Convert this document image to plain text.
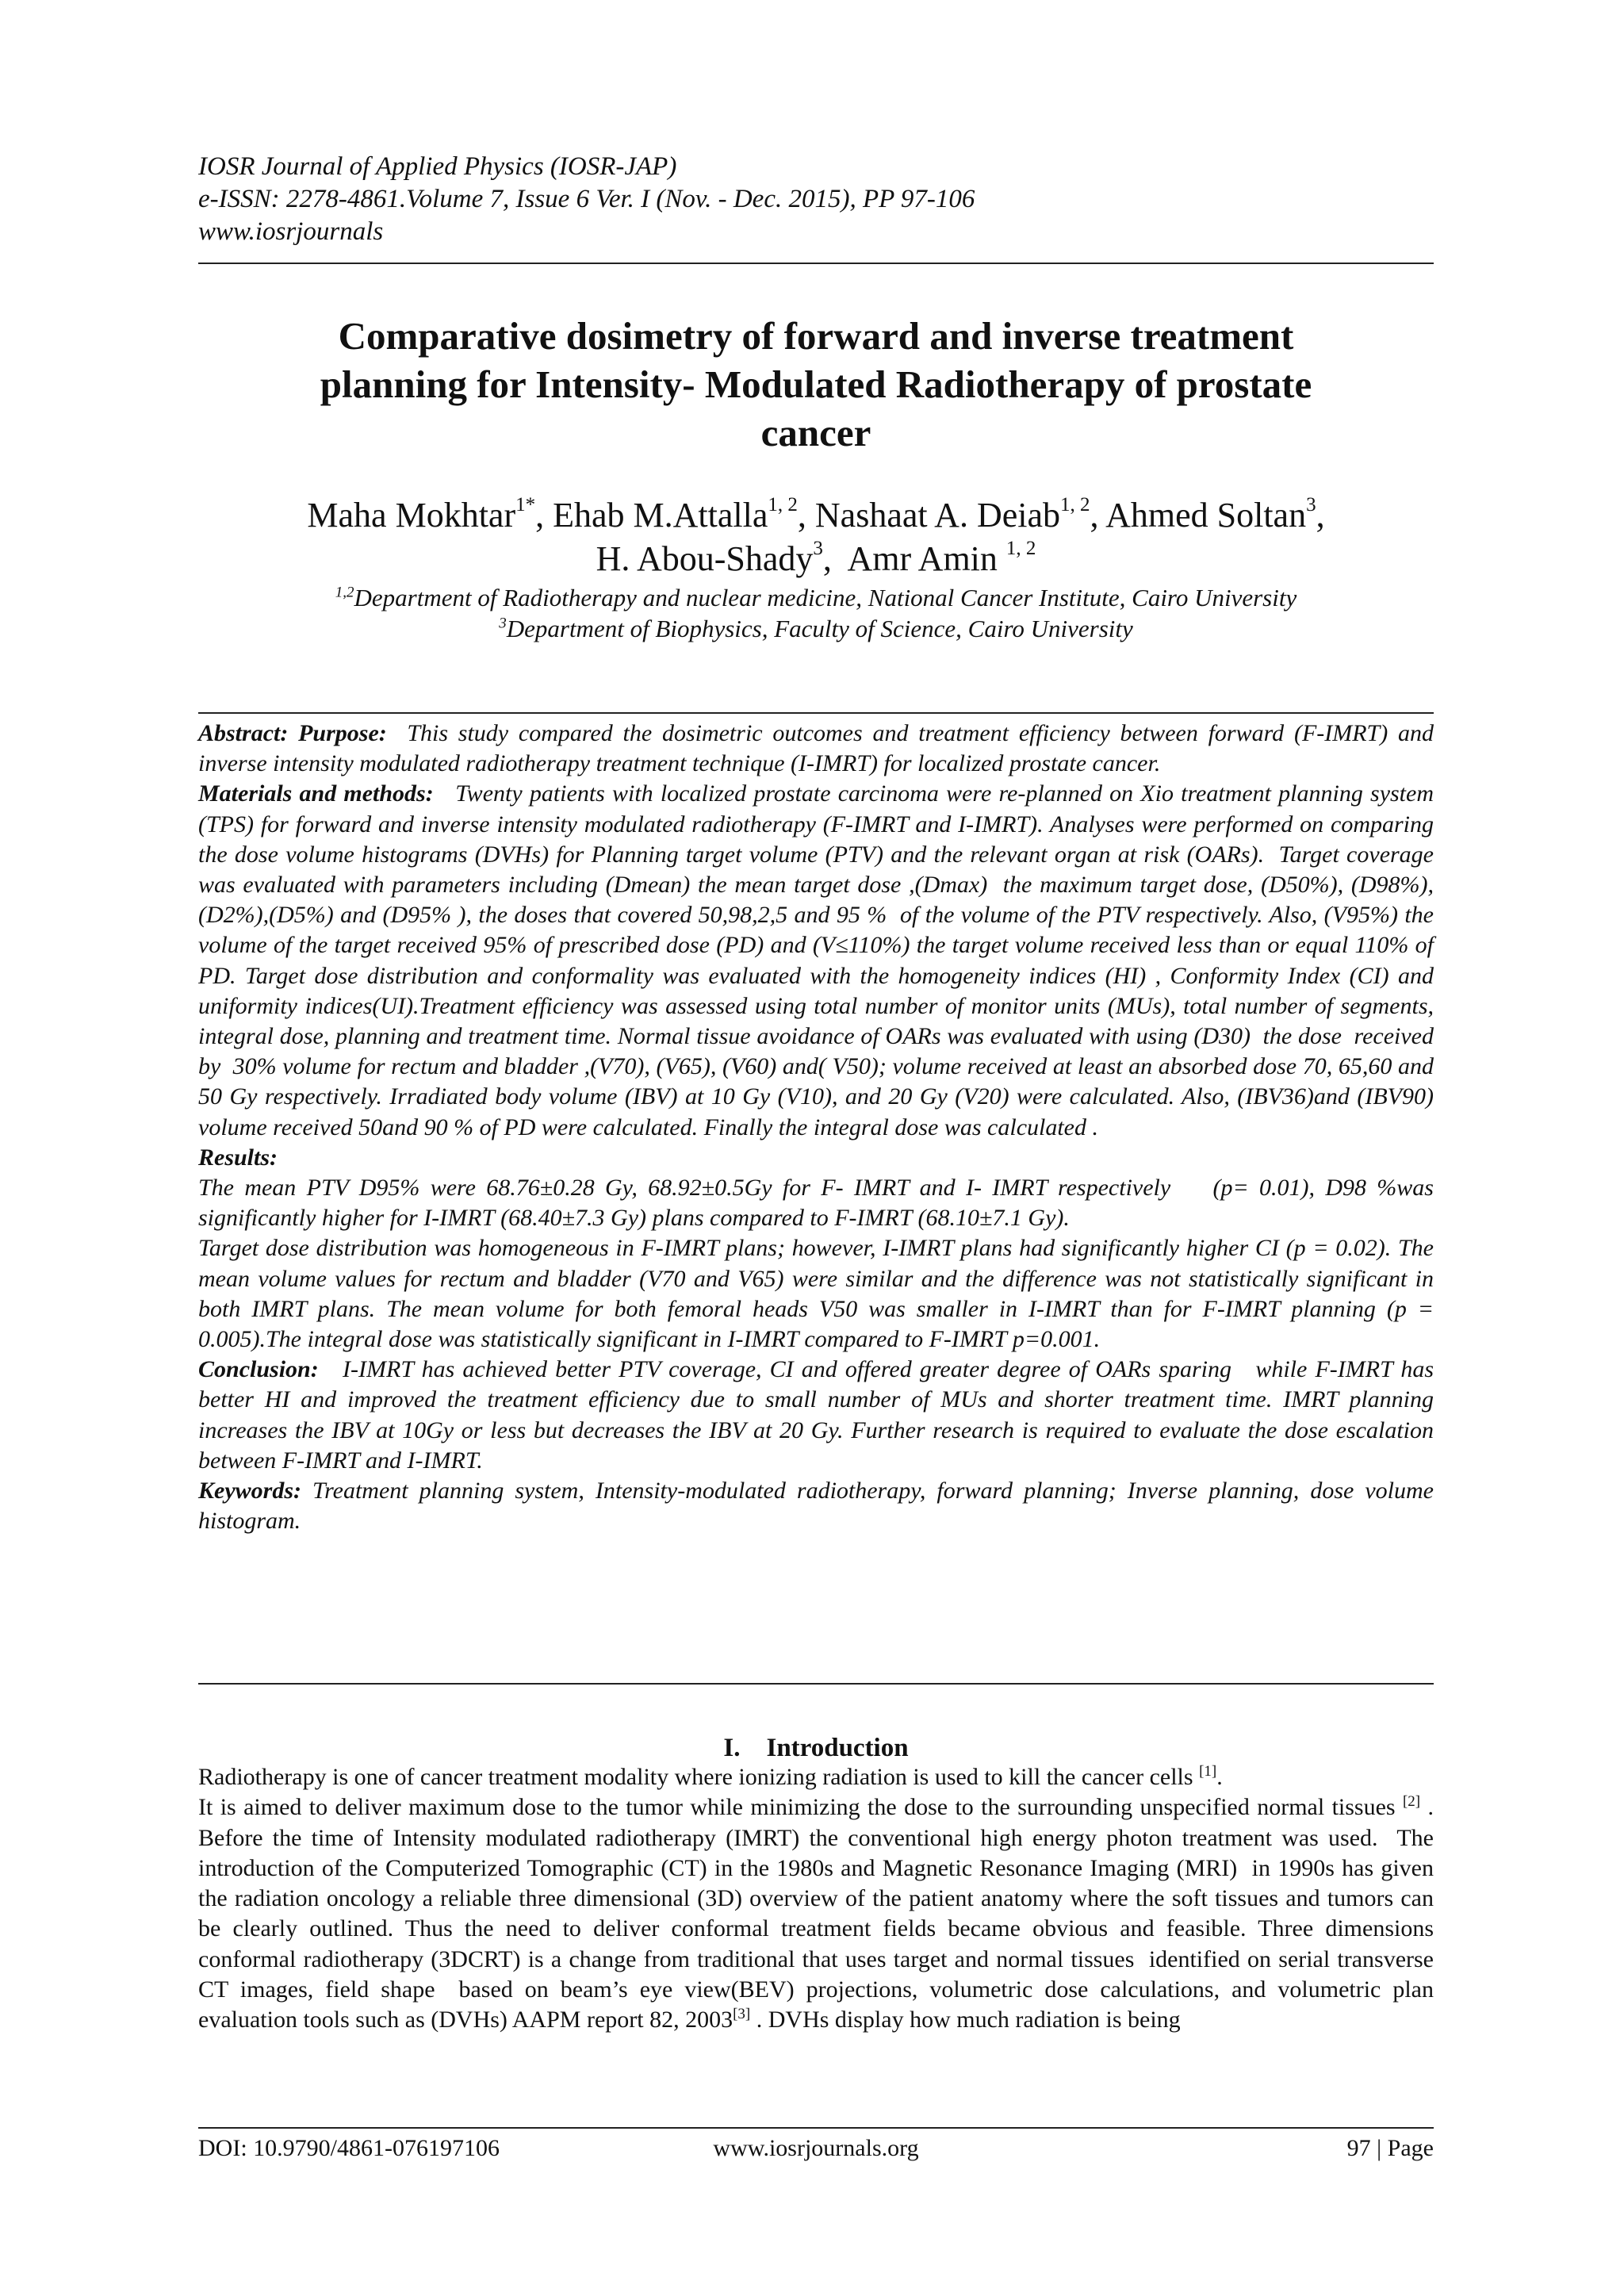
IOSR Journal of Applied Physics (IOSR-JAP)
e-ISSN: 2278-4861.Volume 7, Issue 6 Ver. I (Nov. - Dec. 2015), PP 97-106
www.iosrjournals
Comparative dosimetry of forward and inverse treatment
planning for Intensity- Modulated Radiotherapy of prostate
cancer
Maha Mokhtar$^{1*}$, Ehab M.Attalla$^{1, 2}$, Nashaat A. Deiab$^{1, 2}$, Ahmed Soltan$^3$,
H. Abou-Shady$^3$,  Amr Amin $^{1, 2}$
$^{1,2}$Department of Radiotherapy and nuclear medicine, National Cancer Institute, Cairo University
$^3$Department of Biophysics, Faculty of Science, Cairo University

Abstract: Purpose:  This study compared the dosimetric outcomes and treatment efficiency between forward (F-IMRT) and inverse intensity modulated radiotherapy treatment technique (I-IMRT) for localized prostate cancer.

Materials and methods:   Twenty patients with localized prostate carcinoma were re-planned on Xio treatment planning system (TPS) for forward and inverse intensity modulated radiotherapy (F-IMRT and I-IMRT). Analyses were performed on comparing the dose volume histograms (DVHs) for Planning target volume (PTV) and the relevant organ at risk (OARs).  Target coverage was evaluated with parameters including (Dmean) the mean target dose ,(Dmax)  the maximum target dose, (D50%), (D98%), (D2%),(D5%) and (D95% ), the doses that covered 50,98,2,5 and 95 %  of the volume of the PTV respectively. Also, (V95%) the volume of the target received 95% of prescribed dose (PD) and (V≤110%) the target volume received less than or equal 110% of PD. Target dose distribution and conformality was evaluated with the homogeneity indices (HI) , Conformity Index (CI) and uniformity indices(UI).Treatment efficiency was assessed using total number of monitor units (MUs), total number of segments, integral dose, planning and treatment time. Normal tissue avoidance of OARs was evaluated with using (D30)  the dose  received by  30% volume for rectum and bladder ,(V70), (V65), (V60) and( V50); volume received at least an absorbed dose 70, 65,60 and 50 Gy respectively. Irradiated body volume (IBV) at 10 Gy (V10), and 20 Gy (V20) were calculated. Also, (IBV36)and (IBV90) volume received 50and 90 % of PD were calculated. Finally the integral dose was calculated .

Results:

The mean PTV D95% were 68.76±0.28 Gy, 68.92±0.5Gy for F- IMRT and I- IMRT respectively    (p= 0.01), D98 %was significantly higher for I-IMRT (68.40±7.3 Gy) plans compared to F-IMRT (68.10±7.1 Gy).

Target dose distribution was homogeneous in F-IMRT plans; however, I-IMRT plans had significantly higher CI (p = 0.02). The mean volume values for rectum and bladder (V70 and V65) were similar and the difference was not statistically significant in both IMRT plans. The mean volume for both femoral heads V50 was smaller in I-IMRT than for F-IMRT planning (p = 0.005).The integral dose was statistically significant in I-IMRT compared to F-IMRT p=0.001.

Conclusion:   I-IMRT has achieved better PTV coverage, CI and offered greater degree of OARs sparing   while F-IMRT has better HI and improved the treatment efficiency due to small number of MUs and shorter treatment time. IMRT planning increases the IBV at 10Gy or less but decreases the IBV at 20 Gy. Further research is required to evaluate the dose escalation between F-IMRT and I-IMRT.

Keywords: Treatment planning system, Intensity-modulated radiotherapy, forward planning; Inverse planning, dose volume histogram.

I.    Introduction

Radiotherapy is one of cancer treatment modality where ionizing radiation is used to kill the cancer cells [1].

It is aimed to deliver maximum dose to the tumor while minimizing the dose to the surrounding unspecified normal tissues [2] . Before the time of Intensity modulated radiotherapy (IMRT) the conventional high energy photon treatment was used.  The introduction of the Computerized Tomographic (CT) in the 1980s and Magnetic Resonance Imaging (MRI)  in 1990s has given the radiation oncology a reliable three dimensional (3D) overview of the patient anatomy where the soft tissues and tumors can be clearly outlined. Thus the need to deliver conformal treatment fields became obvious and feasible. Three dimensions conformal radiotherapy (3DCRT) is a change from traditional that uses target and normal tissues  identified on serial transverse CT images, field shape  based on beam’s eye view(BEV) projections, volumetric dose calculations, and volumetric plan evaluation tools such as (DVHs) AAPM report 82, 2003[3] . DVHs display how much radiation is being

DOI: 10.9790/4861-076197106	www.iosrjournals.org	97 | Page
